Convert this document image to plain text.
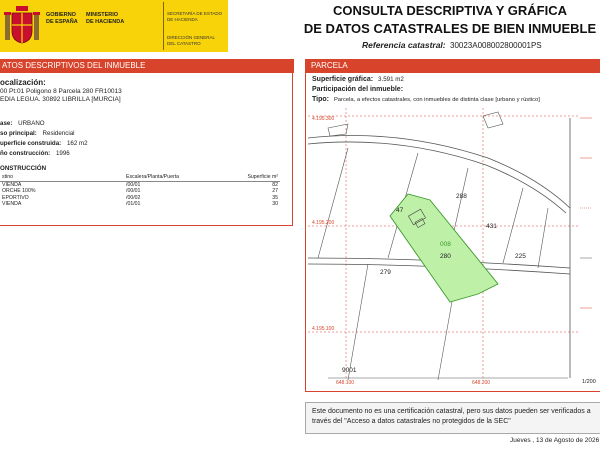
GOBIERNO
DE ESPAÑA
MINISTERIO
DE HACIENDA
SECRETARÍA DE ESTADO
DE HACIENDA
DIRECCIÓN GENERAL
DEL CATASTRO
CONSULTA DESCRIPTIVA Y GRÁFICA
DE DATOS CATASTRALES DE BIEN INMUEBLE
Referencia catastral: 30023A008002800001PS
ATOS DESCRIPTIVOS DEL INMUEBLE
ocalización:
00 Pt:01 Poligono 8 Parcela 280 FR10013
EDIA LEGUA. 30892 LIBRILLA [MURCIA]
ase: URBANO
so principal: Residencial
uperficie construida: 162 m2
ño construcción: 1996
ONSTRUCCIÓN
stino	Escalera/Planta/Puerta	Superficie m²
VIENDA	/00/01	82
ORCHE 100%	/00/01	27
EPORTIVO	/00/02	35
VIENDA	/01/01	30
PARCELA
Superficie gráfica: 3.591 m2
Participación del inmueble:
Tipo: Parcela, a efectos catastrales, con inmuebles de distinta clase [urbano y rústico]
288
431
225
279
280
008
47
9001
4.195.300
4.195.200
4.195.100
648.100	648.200	1/200
Este documento no es una certificación catastral, pero sus datos pueden ser verificados a
través del "Acceso a datos catastrales no protegidos de la SEC"
Jueves , 13 de Agosto de 2026
